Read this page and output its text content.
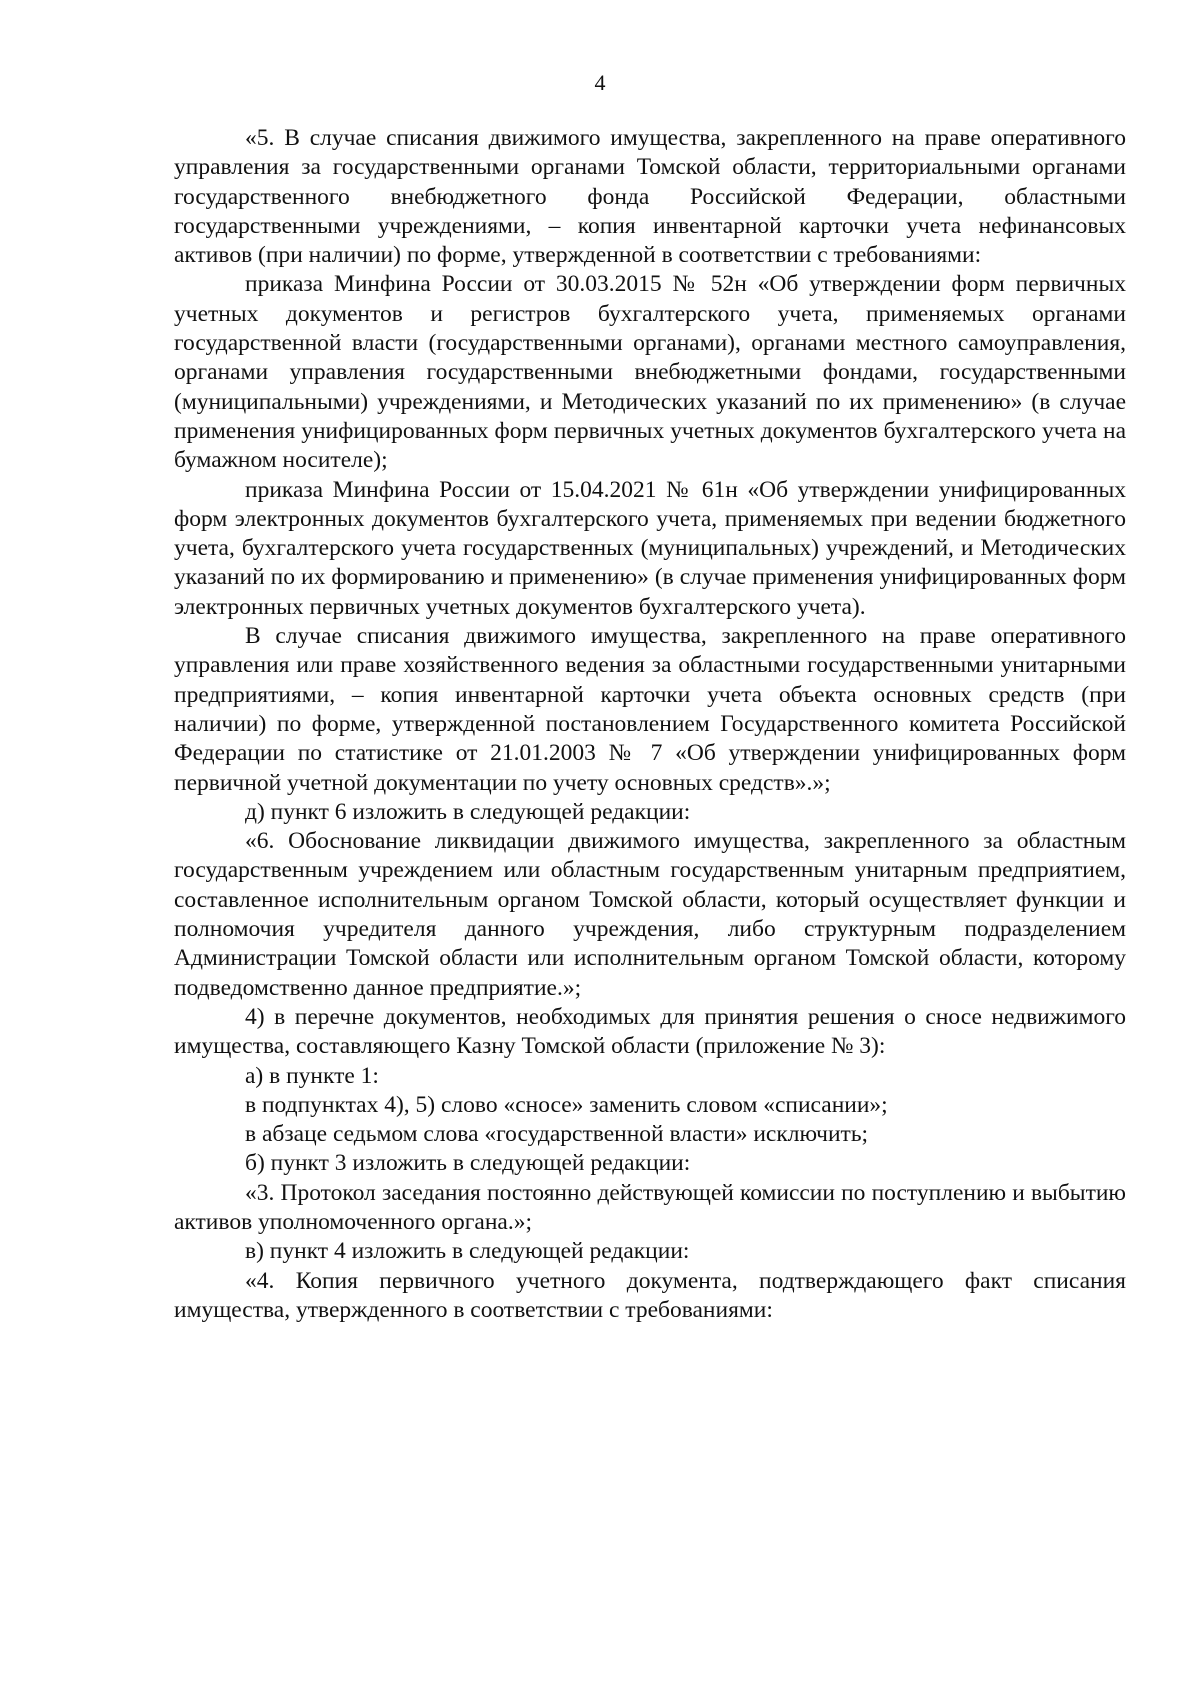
4

«5. В случае списания движимого имущества, закрепленного на праве оперативного управления за государственными органами Томской области, территориальными органами государственного внебюджетного фонда Российской Федерации, областными государственными учреждениями, – копия инвентарной карточки учета нефинансовых активов (при наличии) по форме, утвержденной в соответствии с требованиями:

приказа Минфина России от 30.03.2015 № 52н «Об утверждении форм первичных учетных документов и регистров бухгалтерского учета, применяемых органами государственной власти (государственными органами), органами местного самоуправления, органами управления государственными внебюджетными фондами, государственными (муниципальными) учреждениями, и Методических указаний по их применению» (в случае применения унифицированных форм первичных учетных документов бухгалтерского учета на бумажном носителе);

приказа Минфина России от 15.04.2021 № 61н «Об утверждении унифицированных форм электронных документов бухгалтерского учета, применяемых при ведении бюджетного учета, бухгалтерского учета государственных (муниципальных) учреждений, и Методических указаний по их формированию и применению» (в случае применения унифицированных форм электронных первичных учетных документов бухгалтерского учета).

В случае списания движимого имущества, закрепленного на праве оперативного управления или праве хозяйственного ведения за областными государственными унитарными предприятиями, – копия инвентарной карточки учета объекта основных средств (при наличии) по форме, утвержденной постановлением Государственного комитета Российской Федерации по статистике от 21.01.2003 № 7 «Об утверждении унифицированных форм первичной учетной документации по учету основных средств».»;

д) пункт 6 изложить в следующей редакции:

«6. Обоснование ликвидации движимого имущества, закрепленного за областным государственным учреждением или областным государственным унитарным предприятием, составленное исполнительным органом Томской области, который осуществляет функции и полномочия учредителя данного учреждения, либо структурным подразделением Администрации Томской области или исполнительным органом Томской области, которому подведомственно данное предприятие.»;

4) в перечне документов, необходимых для принятия решения о сносе недвижимого имущества, составляющего Казну Томской области (приложение № 3):

а) в пункте 1:

в подпунктах 4), 5) слово «сносе» заменить словом «списании»;

в абзаце седьмом слова «государственной власти» исключить;

б) пункт 3 изложить в следующей редакции:

«3. Протокол заседания постоянно действующей комиссии по поступлению и выбытию активов уполномоченного органа.»;

в) пункт 4 изложить в следующей редакции:

«4. Копия первичного учетного документа, подтверждающего факт списания имущества, утвержденного в соответствии с требованиями:
